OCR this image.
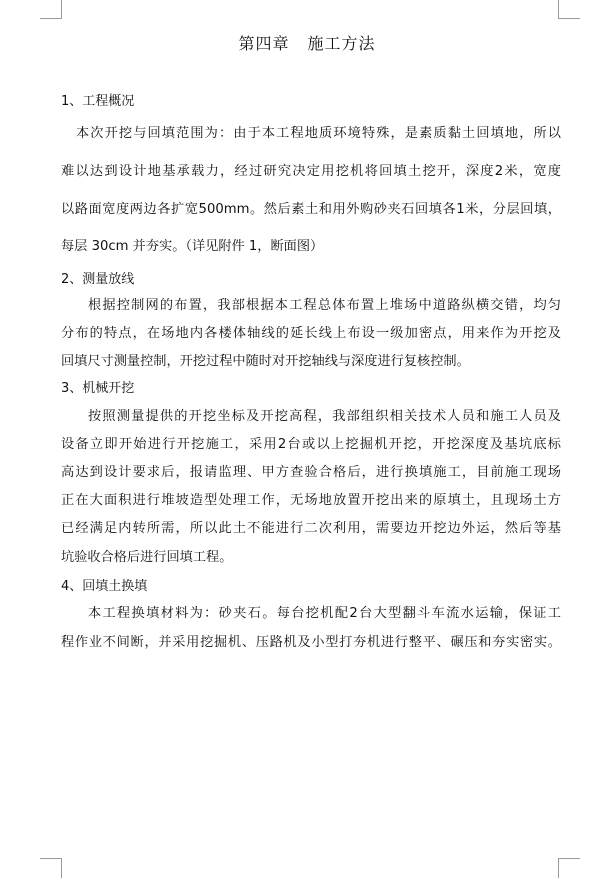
第四章 施工方法
1、工程概况
本次开挖与回填范围为：由于本工程地质环境特殊，是素质黏土回填地，所以
难以达到设计地基承载力，经过研究决定用挖机将回填土挖开，深度2米，宽度
以路面宽度两边各扩宽500mm。然后素土和用外购砂夹石回填各1米，分层回填，
每层 30cm 并夯实。（详见附件 1，断面图）
2、测量放线
根据控制网的布置，我部根据本工程总体布置上堆场中道路纵横交错，均匀
分布的特点，在场地内各楼体轴线的延长线上布设一级加密点，用来作为开挖及
回填尺寸测量控制，开挖过程中随时对开挖轴线与深度进行复核控制。
3、机械开挖
按照测量提供的开挖坐标及开挖高程，我部组织相关技术人员和施工人员及
设备立即开始进行开挖施工，采用2台或以上挖掘机开挖，开挖深度及基坑底标
高达到设计要求后，报请监理、甲方查验合格后，进行换填施工，目前施工现场
正在大面积进行堆坡造型处理工作，无场地放置开挖出来的原填土，且现场土方
已经满足内转所需，所以此土不能进行二次利用，需要边开挖边外运，然后等基
坑验收合格后进行回填工程。
4、回填土换填
本工程换填材料为：砂夹石。每台挖机配2台大型翻斗车流水运输，保证工
程作业不间断，并采用挖掘机、压路机及小型打夯机进行整平、碾压和夯实密实。
